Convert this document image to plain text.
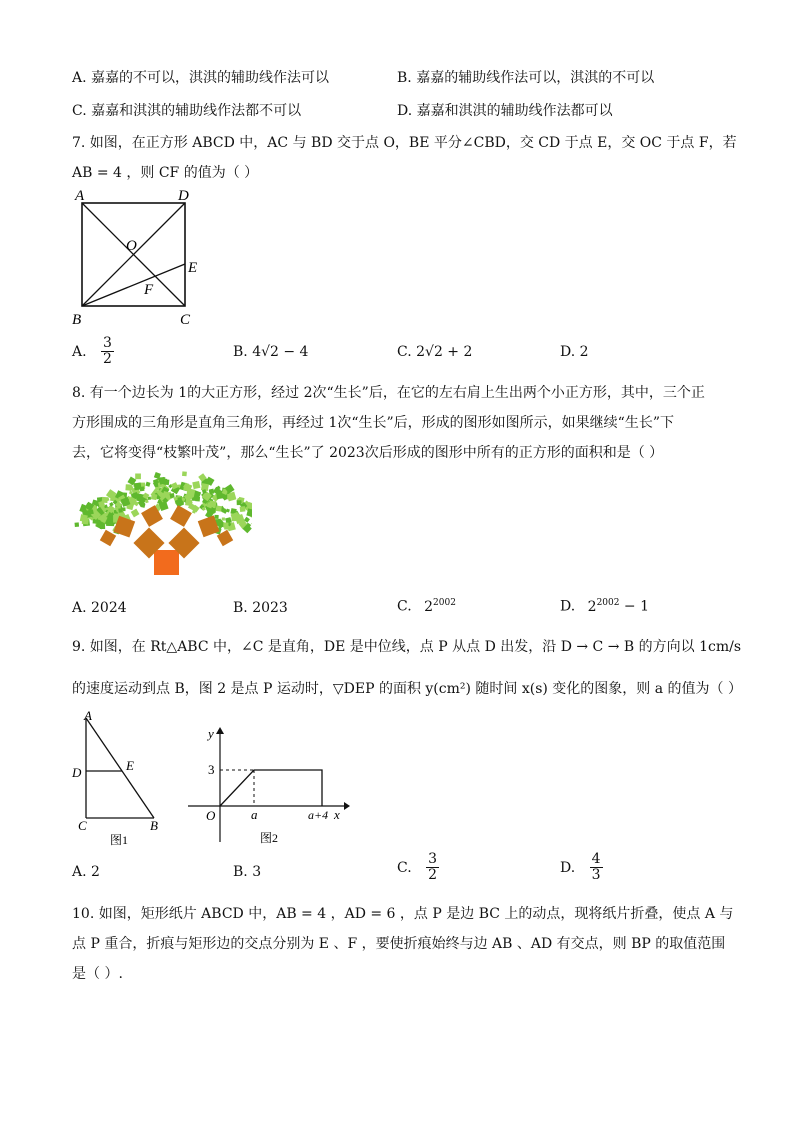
A. 嘉嘉的不可以，淇淇的辅助线作法可以	B. 嘉嘉的辅助线作法可以，淇淇的不可以
C. 嘉嘉和淇淇的辅助线作法都不可以	D. 嘉嘉和淇淇的辅助线作法都可以
7. 如图，在正方形 ABCD 中，AC 与 BD 交于点 O，BE 平分∠CBD，交 CD 于点 E，交 OC 于点 F，若
AB = 4 ，则 CF 的值为（ ）
A	D
O
E
F
B	C
A. $\frac{3}{2}$	B. 4√2 − 4	C. 2√2 + 2	D. 2
8. 有一个边长为 1的大正方形，经过 2次“生长”后，在它的左右肩上生出两个小正方形，其中，三个正
方形围成的三角形是直角三角形，再经过 1次“生长”后，形成的图形如图所示，如果继续“生长”下
去，它将变得“枝繁叶茂”，那么“生长”了 2023次后形成的图形中所有的正方形的面积和是（ ）
A. 2024	B. 2023	C. $2^{2002}$	D. $2^{2002} - 1$
9. 如图，在 Rt△ABC 中，∠C 是直角，DE 是中位线，点 P 从点 D 出发，沿 D → C → B 的方向以 1cm/s
的速度运动到点 B，图 2 是点 P 运动时，▽DEP 的面积 y(cm²) 随时间 x(s) 变化的图象，则 a 的值为（ ）
A
D	E
C	B
图1
y
3
O	a	a+4 x
图2
A. 2	B. 3	C. $\frac{3}{2}$	D. $\frac{4}{3}$
10. 如图，矩形纸片 ABCD 中，AB = 4 ，AD = 6 ，点 P 是边 BC 上的动点，现将纸片折叠，使点 A 与
点 P 重合，折痕与矩形边的交点分别为 E 、F ，要使折痕始终与边 AB 、AD 有交点，则 BP 的取值范围
是（ ）.
